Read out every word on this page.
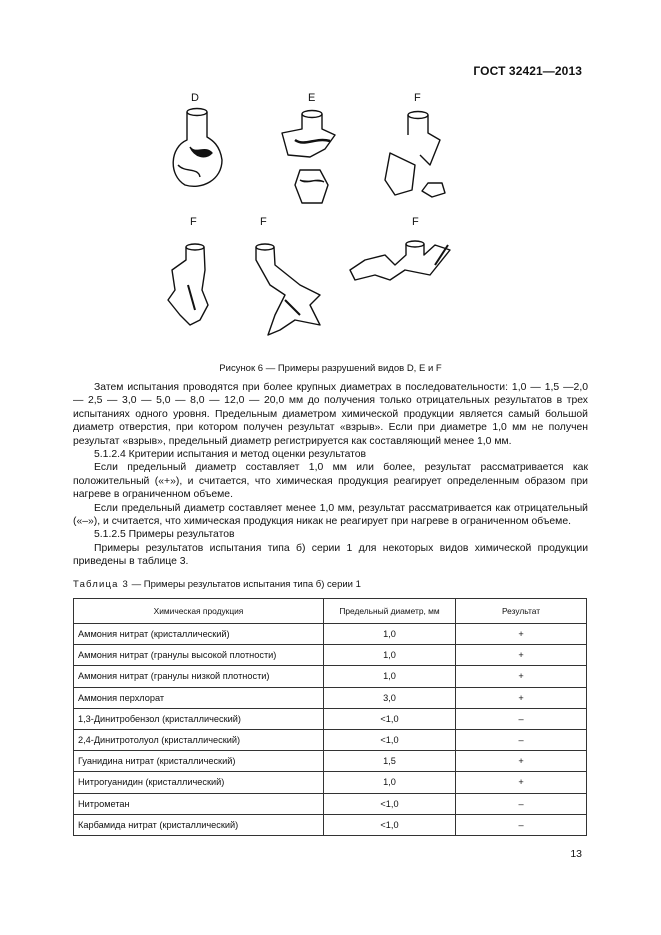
ГОСТ 32421—2013
D	E	F
F	F	F
Рисунок 6 — Примеры разрушений видов D, E и F

Затем испытания проводятся при более крупных диаметрах в последовательности: 1,0 — 1,5 —2,0 — 2,5 — 3,0 — 5,0 — 8,0 — 12,0 — 20,0 мм до получения только отрицательных результатов в трех испытаниях одного уровня. Предельным диаметром химической продукции является самый большой диаметр отверстия, при котором получен результат «взрыв». Если при диаметре 1,0 мм не получен результат «взрыв», предельный диаметр регистрируется как составляющий менее 1,0 мм.

5.1.2.4 Критерии испытания и метод оценки результатов

Если предельный диаметр составляет 1,0 мм или более, результат рассматривается как положительный («+»), и считается, что химическая продукция реагирует определенным образом при нагреве в ограниченном объеме.

Если предельный диаметр составляет менее 1,0 мм, результат рассматривается как отрицательный («–»), и считается, что химическая продукция никак не реагирует при нагреве в ограниченном объеме.

5.1.2.5 Примеры результатов

Примеры результатов испытания типа б) серии 1 для некоторых видов химической продукции приведены в таблице 3.

Таблица 3 — Примеры результатов испытания типа б) серии 1
Химическая продукция	Предельный диаметр, мм	Результат
Аммония нитрат (кристаллический)	1,0	+
Аммония нитрат (гранулы высокой плотности)	1,0	+
Аммония нитрат (гранулы низкой плотности)	1,0	+
Аммония перхлорат	3,0	+
1,3-Динитробензол (кристаллический)	<1,0	–
2,4-Динитротолуол (кристаллический)	<1,0	–
Гуанидина нитрат (кристаллический)	1,5	+
Нитрогуанидин (кристаллический)	1,0	+
Нитрометан	<1,0	–
Карбамида нитрат (кристаллический)	<1,0	–
13
